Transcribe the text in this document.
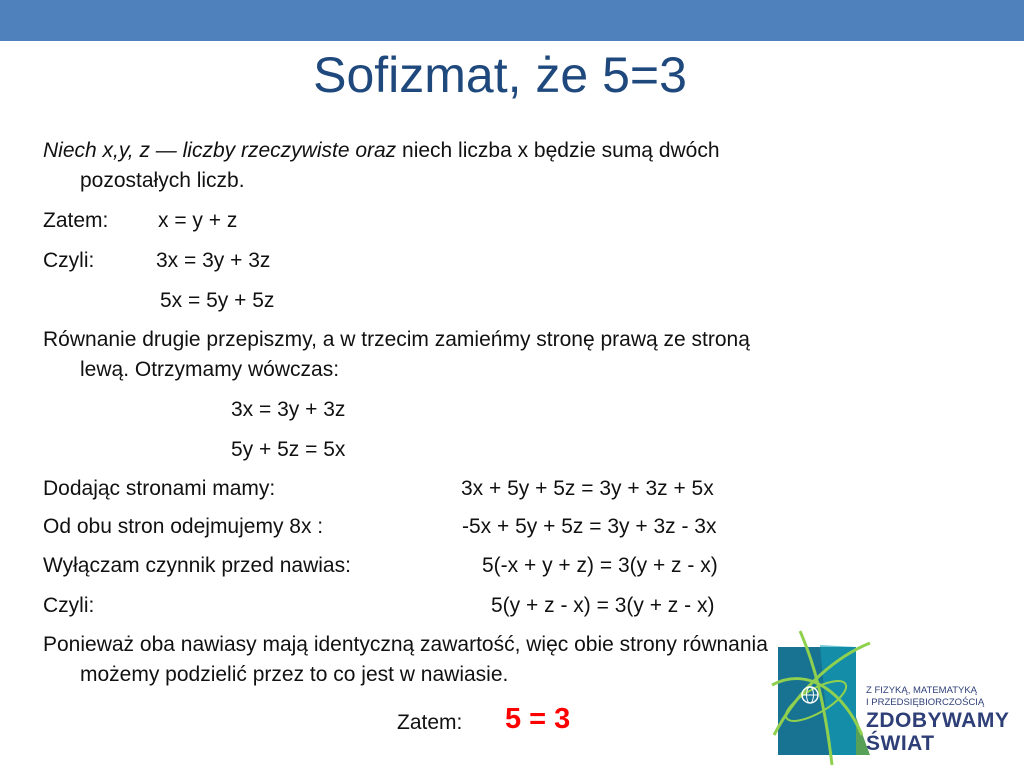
Sofizmat, że 5=3
Niech x,y, z — liczby rzeczywiste oraz niech liczba x będzie sumą dwóch
pozostałych liczb.
Zatem: x = y + z
Czyli:	3x = 3y + 3z
5x = 5y + 5z
Równanie drugie przepiszmy, a w trzecim zamieńmy stronę prawą ze stroną
lewą. Otrzymamy wówczas:
3x = 3y + 3z
5y + 5z = 5x
Dodając stronami mamy:	3x + 5y + 5z = 3y + 3z + 5x
Od obu stron odejmujemy 8x :	-5x + 5y + 5z = 3y + 3z - 3x
Wyłączam czynnik przed nawias:	5(-x + y + z) = 3(y + z - x)
Czyli:	5(y + z - x) = 3(y + z - x)
Ponieważ oba nawiasy mają identyczną zawartość, więc obie strony równania
możemy podzielić przez to co jest w nawiasie.
Zatem: 5 = 3
Z FIZYKĄ, MATEMATYKĄ
I PRZEDSIĘBIORCZOŚCIĄ
ZDOBYWAMY
ŚWIAT
